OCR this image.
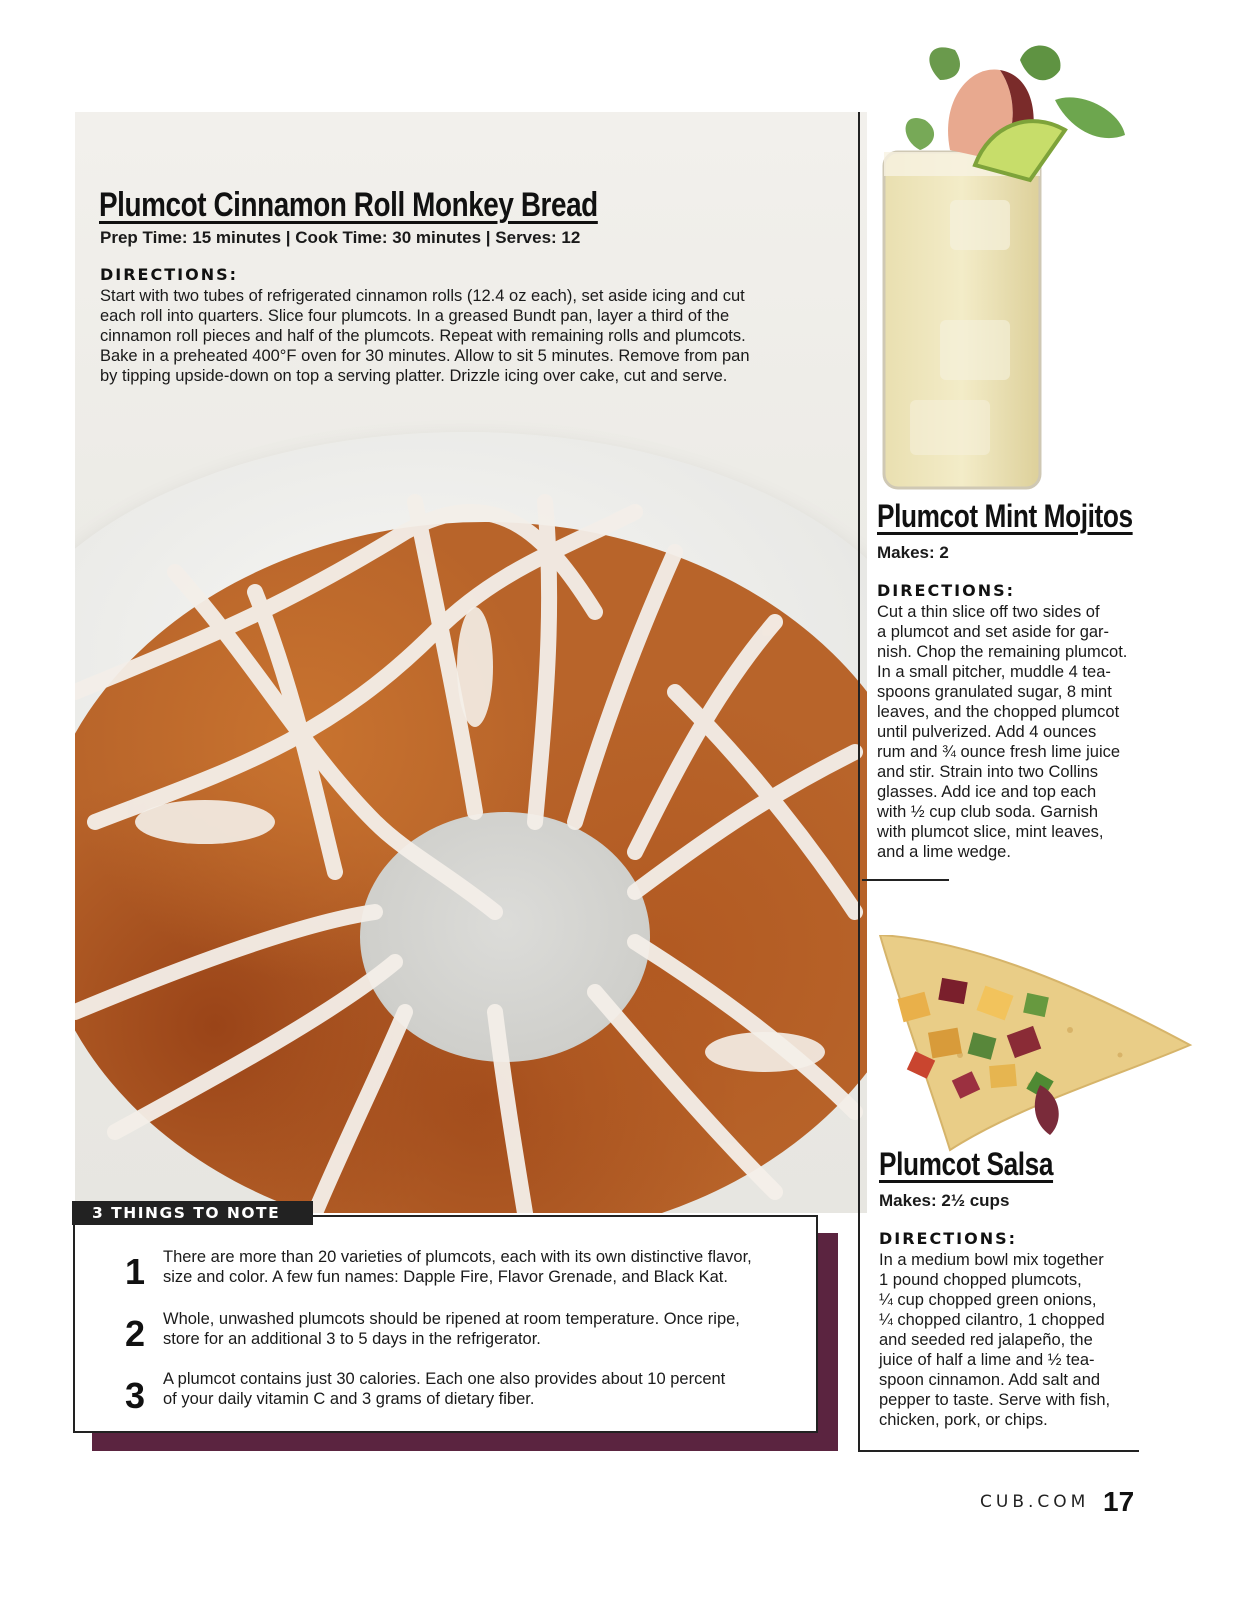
Plumcot Cinnamon Roll Monkey Bread
Prep Time: 15 minutes | Cook Time: 30 minutes | Serves: 12
DIRECTIONS:
Start with two tubes of refrigerated cinnamon rolls (12.4 oz each), set aside icing and cut
each roll into quarters. Slice four plumcots. In a greased Bundt pan, layer a third of the
cinnamon roll pieces and half of the plumcots. Repeat with remaining rolls and plumcots.
Bake in a preheated 400°F oven for 30 minutes. Allow to sit 5 minutes. Remove from pan
by tipping upside-down on top a serving platter. Drizzle icing over cake, cut and serve.
Plumcot Mint Mojitos
Makes: 2
DIRECTIONS:
Cut a thin slice off two sides of
a plumcot and set aside for gar-
nish. Chop the remaining plumcot.
In a small pitcher, muddle 4 tea-
spoons granulated sugar, 8 mint
leaves, and the chopped plumcot
until pulverized. Add 4 ounces
rum and ¾ ounce fresh lime juice
and stir. Strain into two Collins
glasses. Add ice and top each
with ½ cup club soda. Garnish
with plumcot slice, mint leaves,
and a lime wedge.
Plumcot Salsa
Makes: 2½ cups
DIRECTIONS:
In a medium bowl mix together
1 pound chopped plumcots,
¼ cup chopped green onions,
¼ chopped cilantro, 1 chopped
and seeded red jalapeño, the
juice of half a lime and ½ tea-
spoon cinnamon. Add salt and
pepper to taste. Serve with fish,
chicken, pork, or chips.
1 There are more than 20 varieties of plumcots, each with its own distinctive flavor,
size and color. A few fun names: Dapple Fire, Flavor Grenade, and Black Kat.
2 Whole, unwashed plumcots should be ripened at room temperature. Once ripe,
store for an additional 3 to 5 days in the refrigerator.
3 A plumcot contains just 30 calories. Each one also provides about 10 percent
of your daily vitamin C and 3 grams of dietary fiber.
3 THINGS TO NOTE
CUB.COM 17
